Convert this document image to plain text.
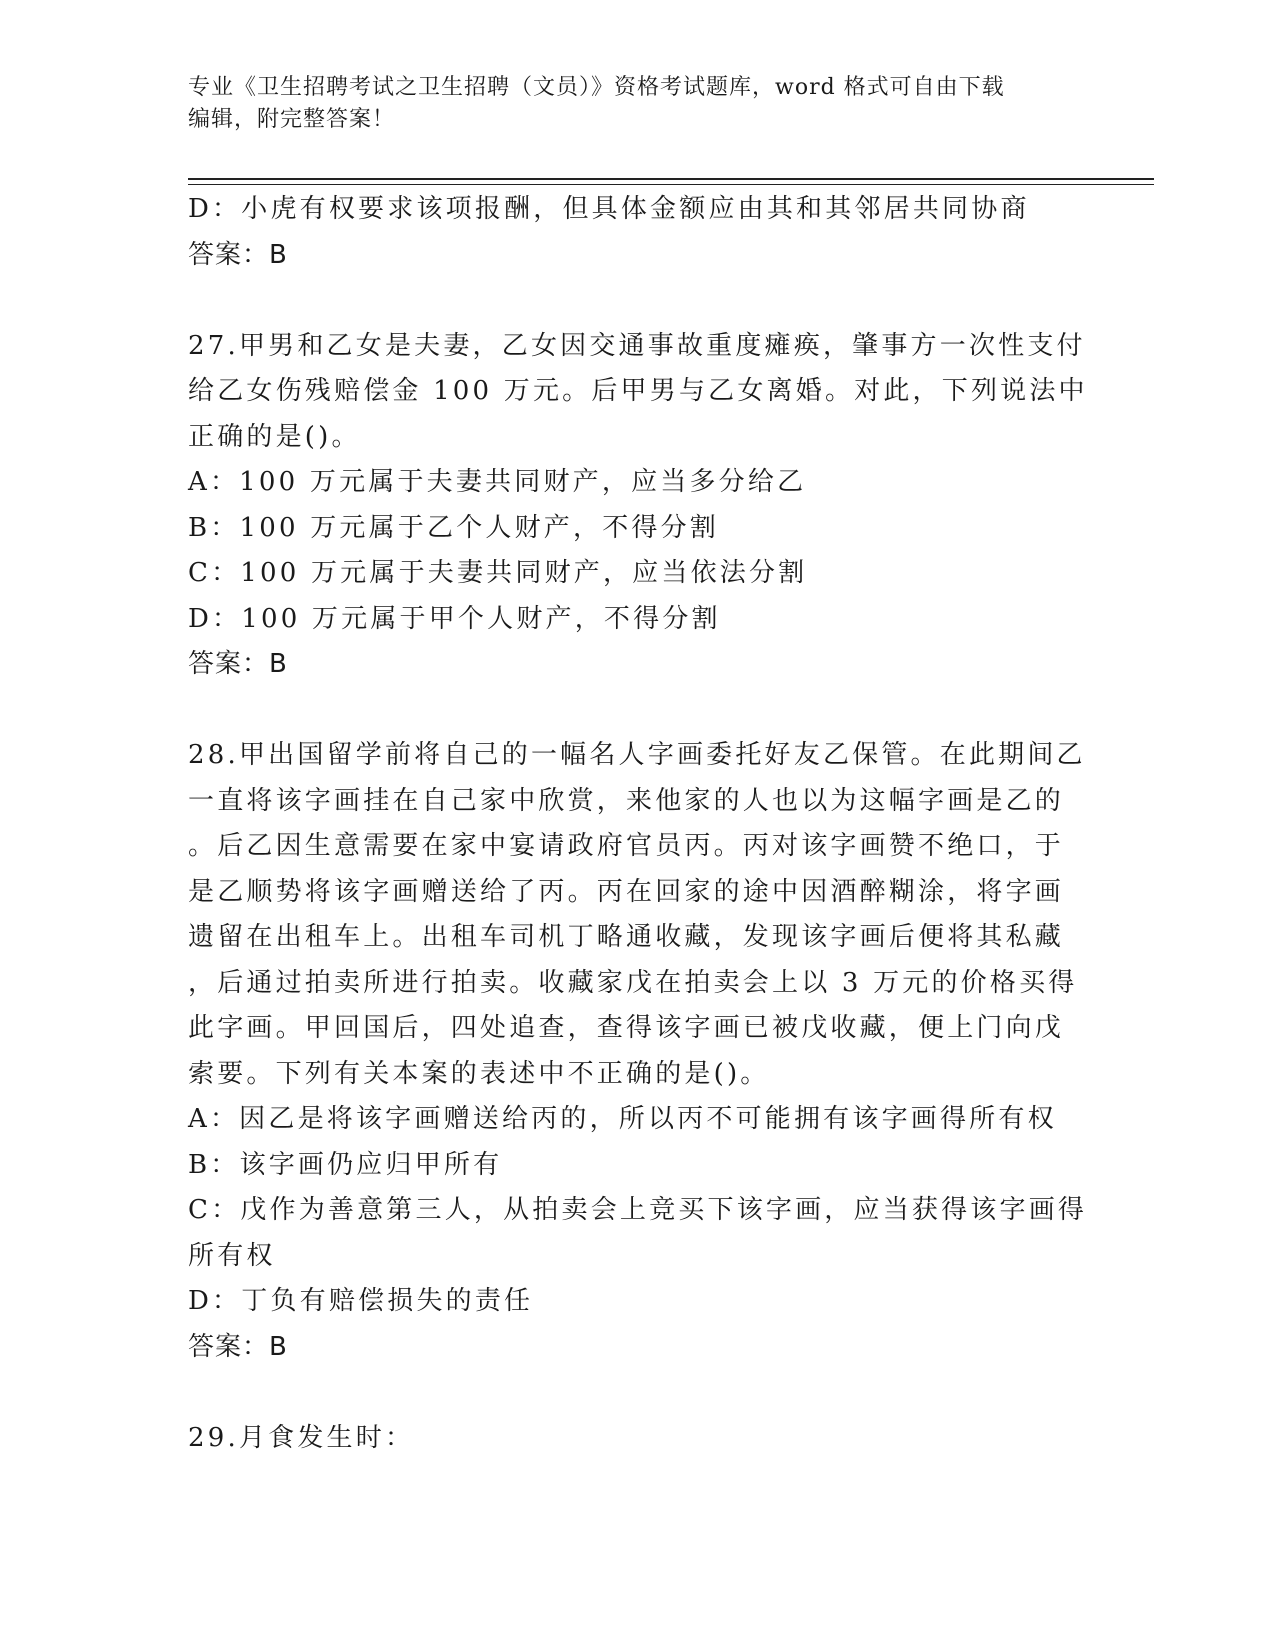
专业《卫生招聘考试之卫生招聘（文员）》资格考试题库，word 格式可自由下载
编辑，附完整答案！
D：小虎有权要求该项报酬，但具体金额应由其和其邻居共同协商
答案：B
27.甲男和乙女是夫妻，乙女因交通事故重度瘫痪，肇事方一次性支付
给乙女伤残赔偿金 100 万元。后甲男与乙女离婚。对此，下列说法中
正确的是()。
A：100 万元属于夫妻共同财产，应当多分给乙
B：100 万元属于乙个人财产，不得分割
C：100 万元属于夫妻共同财产，应当依法分割
D：100 万元属于甲个人财产，不得分割
答案：B
28.甲出国留学前将自己的一幅名人字画委托好友乙保管。在此期间乙
一直将该字画挂在自己家中欣赏，来他家的人也以为这幅字画是乙的
。后乙因生意需要在家中宴请政府官员丙。丙对该字画赞不绝口，于
是乙顺势将该字画赠送给了丙。丙在回家的途中因酒醉糊涂，将字画
遗留在出租车上。出租车司机丁略通收藏，发现该字画后便将其私藏
，后通过拍卖所进行拍卖。收藏家戊在拍卖会上以 3 万元的价格买得
此字画。甲回国后，四处追查，查得该字画已被戊收藏，便上门向戊
索要。下列有关本案的表述中不正确的是()。
A：因乙是将该字画赠送给丙的，所以丙不可能拥有该字画得所有权
B：该字画仍应归甲所有
C：戊作为善意第三人，从拍卖会上竞买下该字画，应当获得该字画得
所有权
D：丁负有赔偿损失的责任
答案：B
29.月食发生时：
